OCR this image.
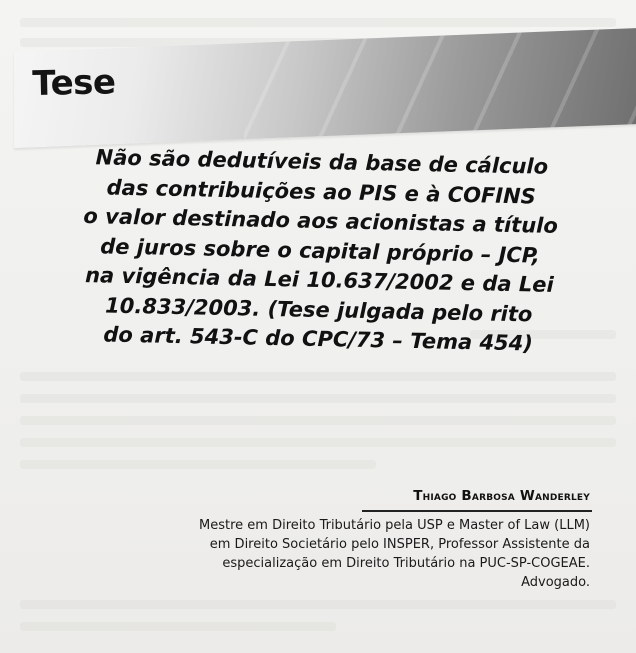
Tese
Não são dedutíveis da base de cálculo
das contribuições ao PIS e à COFINS
o valor destinado aos acionistas a título
de juros sobre o capital próprio – JCP,
na vigência da Lei 10.637/2002 e da Lei
10.833/2003. (Tese julgada pelo rito
do art. 543-C do CPC/73 – Tema 454)

Thiago Barbosa Wanderley

Mestre em Direito Tributário pela USP e Master of Law (LLM)
em Direito Societário pelo INSPER, Professor Assistente da
especialização em Direito Tributário na PUC-SP-COGEAE.
Advogado.
